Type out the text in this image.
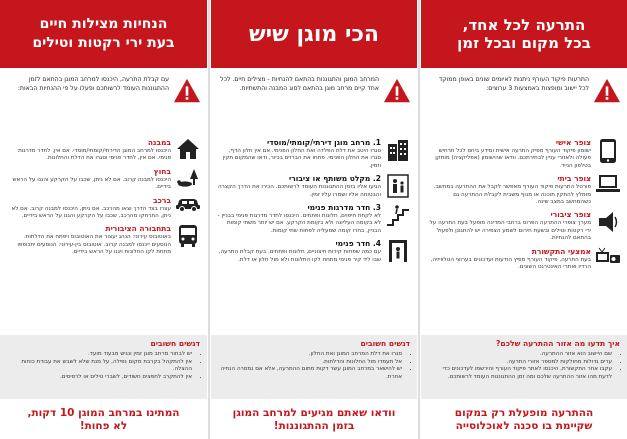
התרעה לכל אחד,
בכל מקום ובכל זמן
התרעות פיקוד העורף ניתנות לאיומים שונים באופן ממוקד לכל יישוב ומופצות באמצעות 3 ערוצים:
צופר אישי
ישומון פיקוד העורף מפיק התרעה אישית ומידע ביחס לכל תרחיש פעולה ולאזורי עניין לבחירתכם. וודאו שהישומון (אפליקציה) מותקן בטלפון הנייד.
צופר ביתי
פורטל התרעות פיקוד העורף מאפשר לקבל את ההתרעה במחשב. מומלץ להתקין תוכנה או מנוף משבית לקבלת ההתרעה גם כשהמחשב במצב שינה.
צופר ציבורי
מערך צופרי ההתרעה הפרוס ברחבי המדינה מופעל בעת התרעה על ירי רקטות וטילים ובשעת חירום לשמע הצפירה יש להתגונן ולפעול בהתאם להנחיות.
אמצעי התקשורת
בעת התרעה, פיקוד העורף מפיץ הודעות ועדכונים בערוצי הטלוויזיה, הרדיו ואתרי האינטרנט השונים.
איך תדעו מה אזור ההתרעה שלכם?
• שם היישוב הוא אזור ההתרעה.
• ערים גדולות מחולקות למספר אזורי התרעה.
• עקבו אחר התקשורת, היכנסו לאתר פיקוד העורף והירשמו לעדכונים כדי לדעת מהו אזור ההתרעה שלכם ומה זמן ההתגוננות העומד לרשותכם.
ההתרעה מופעלת רק במקום
שקיימת בו סכנה לאוכלוסייה
הכי מוגן שיש
המרחב המוגן והתגוננות בהתאם להנחיות - מצילים חיים. לכל אחד קיים מרחב מוגן בהתאם לסוג המבנה והתשתיות.
1. מרחב מוגן דירתי/קומתי/מוסדי
סגרו היטב את דלת הפלדה ואת החלון הפנימי. אם אין חלון הדף, סגרו את החלון הפנימי. פתחו את הברזים בכיור, ודאו שהמקום תקין וזמין.
2. מקלט משותף או ציבורי
הגיעו אליו בזמן ההתגוננות העומד לרשותכם. הכירו את הדרך הקצרה והבטוחה אליו ושמרו עליו זמין.
3. חדר מדרגות פנימי
לא לקחת חיפוים, חלונות ופתחים. היכנסו לחדר מדרגות פנימי בבניין - לא בקומה העליונה ולא בקומת הקרקע. אם יש יותר משתי קומות הבניין, בחרו קומה שמעליה לפחות שתי קומות.
4. חדר פנימי
עם כמה שפחות קירות חיצוניים, חלונות ופתחים. בעת קבלת התרעה, שבו ליד קיר פנימי מתחת לקו החלונות ולא מול חלון או דלת.
דגשים חשובים
• סגרו את דלת המרחב המוגן ואת החלון.
• אל תעמדו מול החלונות והדלתות.
• יש להישאר במרחב המוגן עשר דקות מתום ההתרעה, אלא אם נמסרה הנחיה אחרת.
וודאו שאתם מגיעים למרחב המוגן
בזמן ההתגוננות!
הנחיות מצילות חיים
בעת ירי רקטות וטילים
עם קבלת התרעה, היכנסו למרחב המוגן בהתאם לזמן ההתגוננות העומד לרשותכם ופעלו על פי ההנחיות הבאות:
במבנה
היכנסו למרחב המוגן הדירתי/קומתי/מוסדי. אם אין, לחדר מדרגות פנימי. אם אין, לחדר פנימי וסגרו את הדלת והחלונות.
בחוץ
היכנסו למבנה קרוב. אם לא ניתן, שכבו על הקרקע והגנו על הראש בידיים.
ברכב
עצרו בצד הדרך וצאו מהרכב. אם ניתן, היכנסו למבנה קרוב. אם לא ניתן, התרחקו מהרכב, שכבו על הקרקע והגנו על הראש בידיים.
בתחבורה הציבורית
באוטובוס עירוני: הנהג יעצור את האוטובוס ויפתח את הדלתות. הנוסעים ייכנסו למבנה קרוב. אוטובוס בין-עירוני: הנוסעים יתכופפו מתחת לקו החלונות ויגנו על הראש בידיים.
דגשים חשובים
• יש לבחור מרחב מוגן זמין ונגיש מבעוד מועד.
• אין להתקהל בקרבת מקום נפילה, על מנת שלא לשבש את עבודת כוחות ההצלה.
• אין להתקרב לחפצים חשודים, לשברי טילים או לרסיסים.
המתינו במרחב המוגן 10 דקות,
לא פחות!
